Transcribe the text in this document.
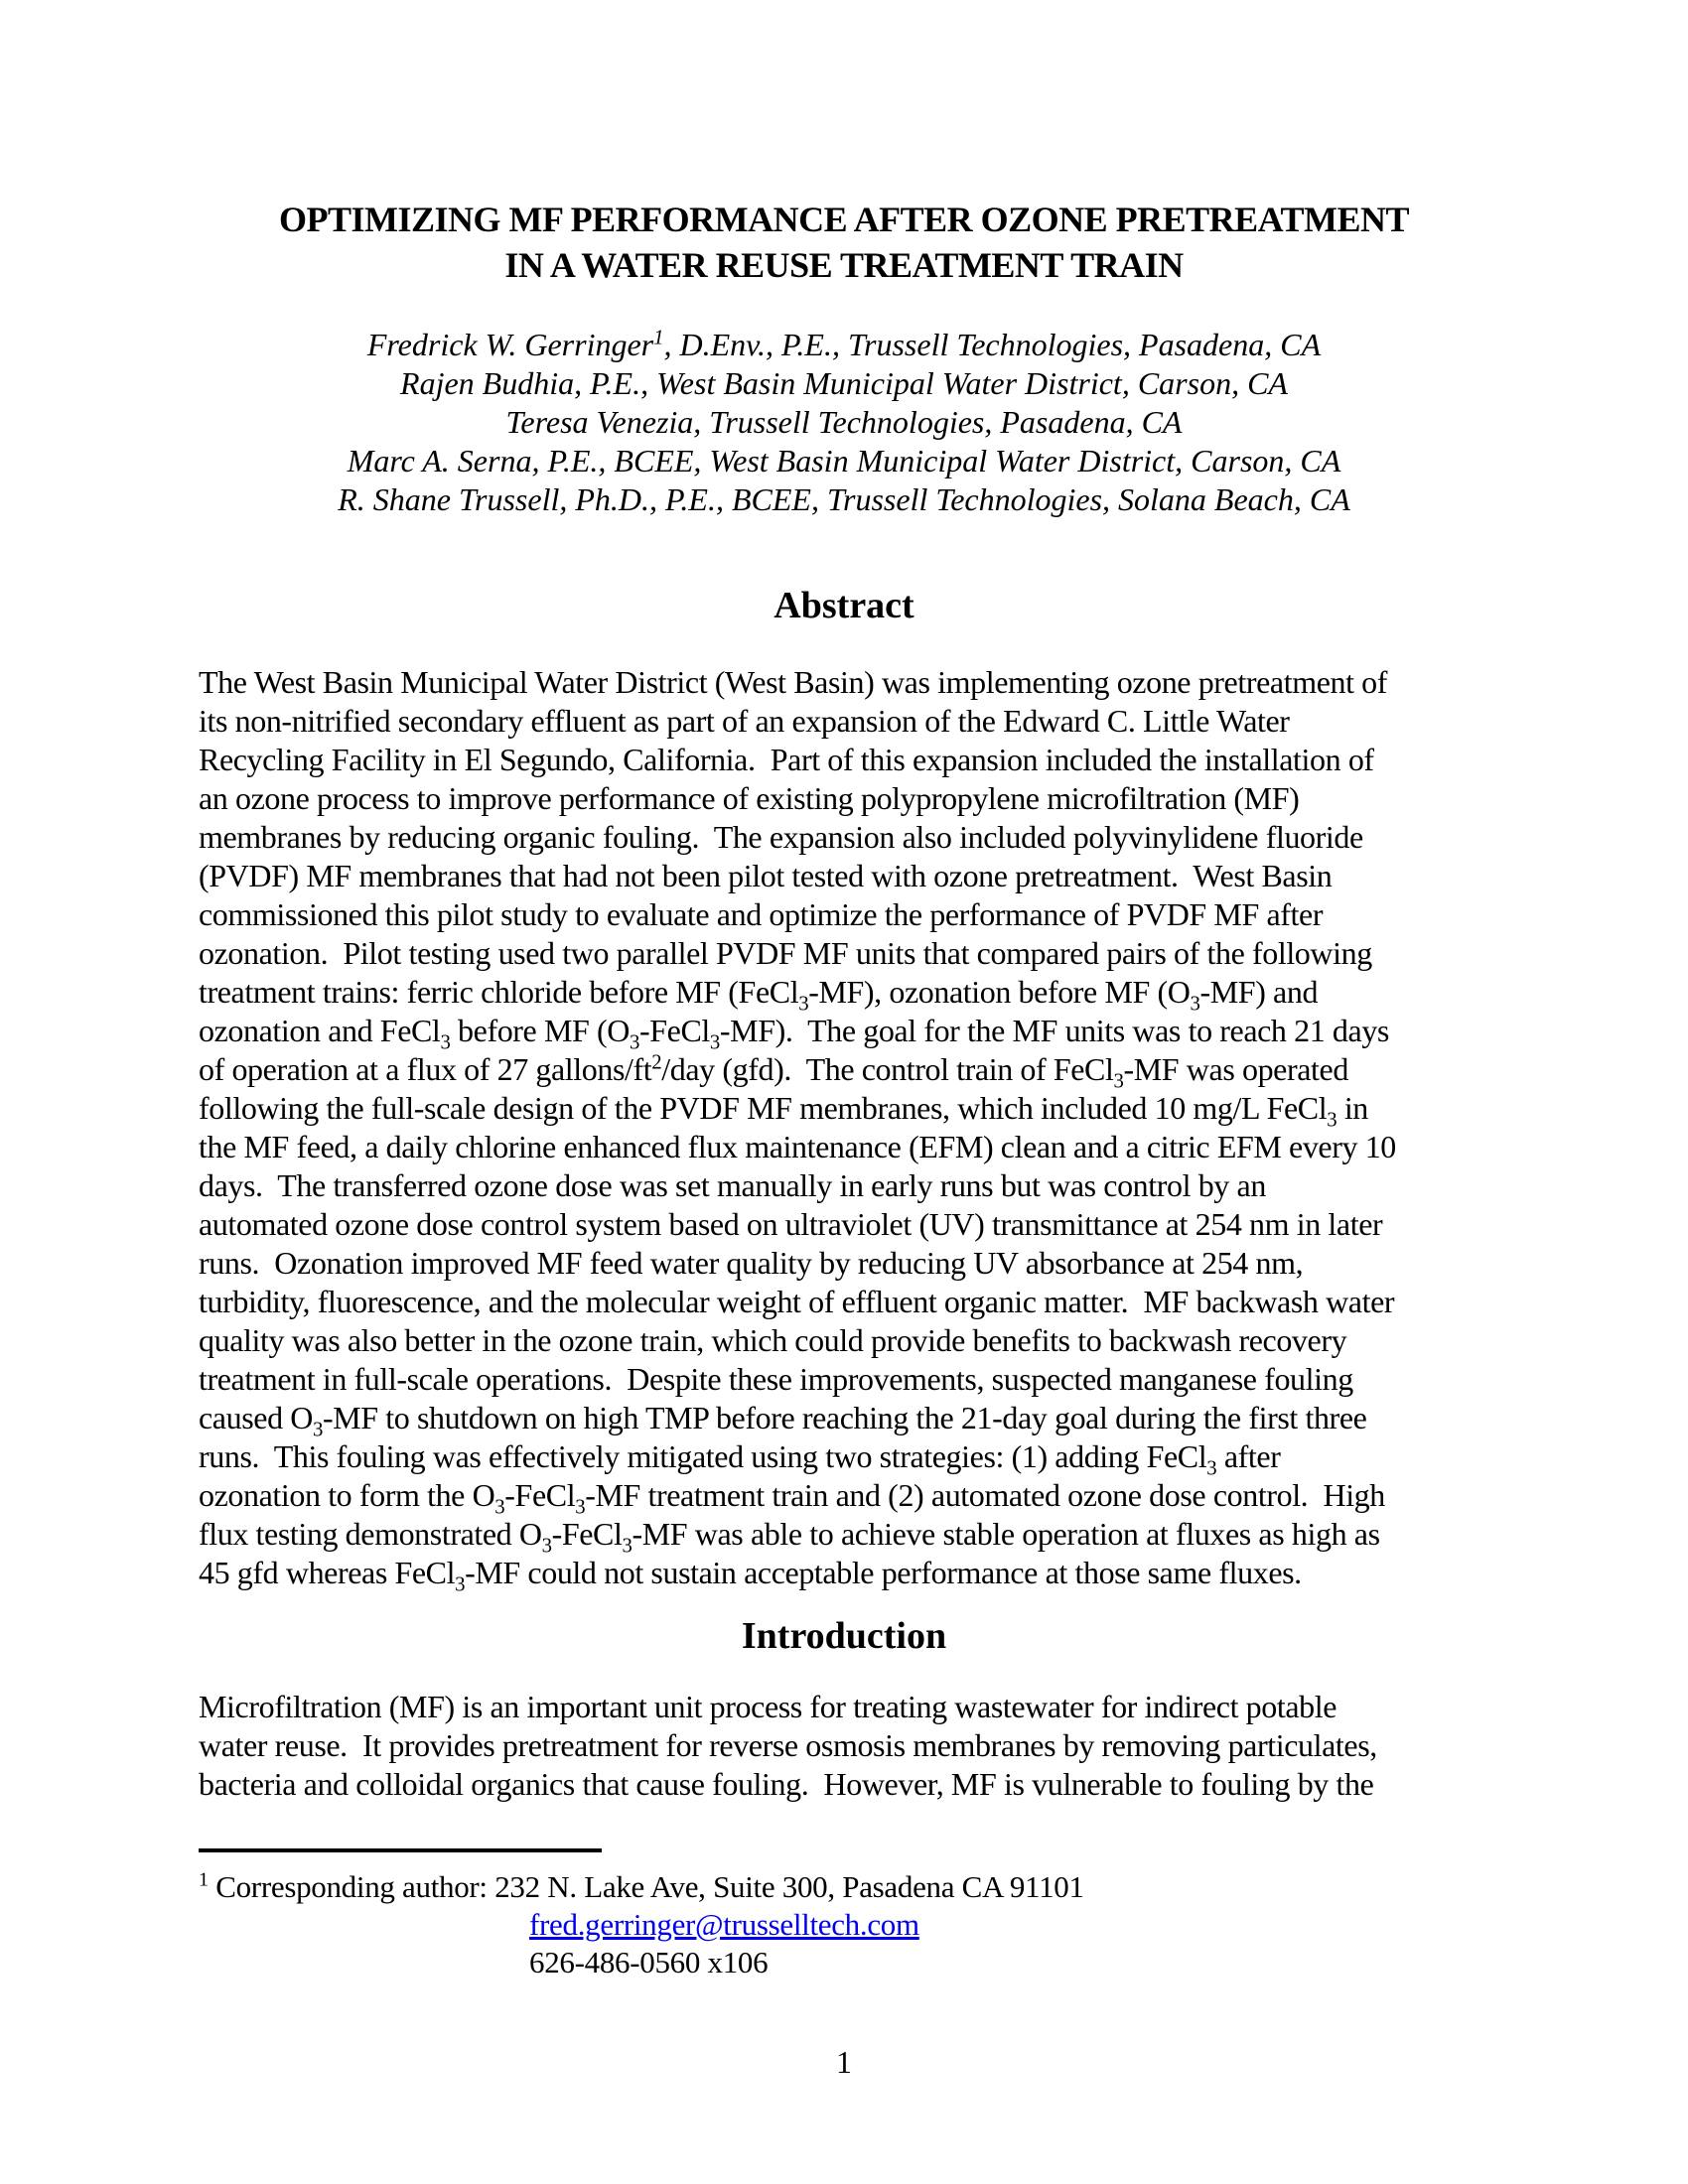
OPTIMIZING MF PERFORMANCE AFTER OZONE PRETREATMENT
IN A WATER REUSE TREATMENT TRAIN
Fredrick W. Gerringer$^1$, D.Env., P.E., Trussell Technologies, Pasadena, CA
Rajen Budhia, P.E., West Basin Municipal Water District, Carson, CA
Teresa Venezia, Trussell Technologies, Pasadena, CA
Marc A. Serna, P.E., BCEE, West Basin Municipal Water District, Carson, CA
R. Shane Trussell, Ph.D., P.E., BCEE, Trussell Technologies, Solana Beach, CA
Abstract
The West Basin Municipal Water District (West Basin) was implementing ozone pretreatment of
its non-nitrified secondary effluent as part of an expansion of the Edward C. Little Water
Recycling Facility in El Segundo, California.  Part of this expansion included the installation of
an ozone process to improve performance of existing polypropylene microfiltration (MF)
membranes by reducing organic fouling.  The expansion also included polyvinylidene fluoride
(PVDF) MF membranes that had not been pilot tested with ozone pretreatment.  West Basin
commissioned this pilot study to evaluate and optimize the performance of PVDF MF after
ozonation.  Pilot testing used two parallel PVDF MF units that compared pairs of the following
treatment trains: ferric chloride before MF (FeCl$_3$-MF), ozonation before MF $(O_3-MF)$ and
ozonation and FeCl$_3$ before MF $(O_3-FeCl_3-MF)$.  The goal for the MF units was to reach 21 days
of operation at a flux of 27 gallons/$ft^2$/day (gfd).  The control train of FeCl$_3$-MF was operated
following the full-scale design of the PVDF MF membranes, which included 10 mg/L FeCl$_3$ in
the MF feed, a daily chlorine enhanced flux maintenance (EFM) clean and a citric EFM every 10
days.  The transferred ozone dose was set manually in early runs but was control by an
automated ozone dose control system based on ultraviolet (UV) transmittance at 254 nm in later
runs.  Ozonation improved MF feed water quality by reducing UV absorbance at 254 nm,
turbidity, fluorescence, and the molecular weight of effluent organic matter.  MF backwash water
quality was also better in the ozone train, which could provide benefits to backwash recovery
treatment in full-scale operations.  Despite these improvements, suspected manganese fouling
caused $O_3-MF$ to shutdown on high TMP before reaching the 21-day goal during the first three
runs.  This fouling was effectively mitigated using two strategies: (1) adding FeCl$_3$ after
ozonation to form the $O_3-FeCl_3-MF$ treatment train and (2) automated ozone dose control.  High
flux testing demonstrated $O_3-FeCl_3-MF$ was able to achieve stable operation at fluxes as high as
45 gfd whereas FeCl$_3$-MF could not sustain acceptable performance at those same fluxes.
Introduction
Microfiltration (MF) is an important unit process for treating wastewater for indirect potable
water reuse.  It provides pretreatment for reverse osmosis membranes by removing particulates,
bacteria and colloidal organics that cause fouling.  However, MF is vulnerable to fouling by the
$^1$ Corresponding author: 232 N. Lake Ave, Suite 300, Pasadena CA 91101
fred.gerringer@trusselltech.com
626-486-0560 x106
1
